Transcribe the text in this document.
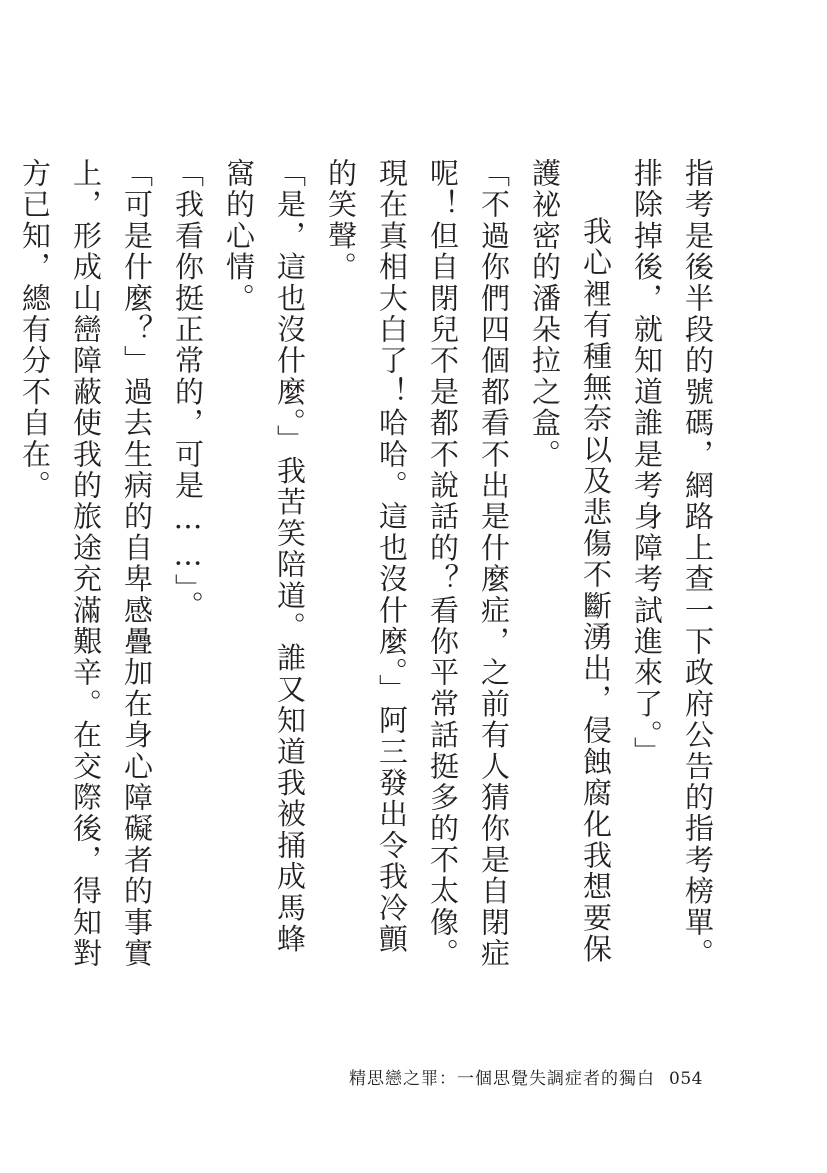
指考是後半段的號碼，網路上查一下政府公告的指考榜單。排除掉後，就知道誰是考身障考試進來了。」

我心裡有種無奈以及悲傷不斷湧出，侵蝕腐化我想要保護祕密的潘朵拉之盒。

「不過你們四個都看不出是什麼症，之前有人猜你是自閉症呢！但自閉兒不是都不說話的？看你平常話挺多的不太像。現在真相大白了！哈哈。這也沒什麼。」阿三發出令我冷顫的笑聲。

「是，這也沒什麼。」我苦笑陪道。誰又知道我被捅成馬蜂窩的心情。

「我看你挺正常的，可是……」。

「可是什麼？」過去生病的自卑感疊加在身心障礙者的事實上，形成山巒障蔽使我的旅途充滿艱辛。在交際後，得知對方已知，總有分不自在。

精思戀之罪：一個思覺失調症者的獨白 054
